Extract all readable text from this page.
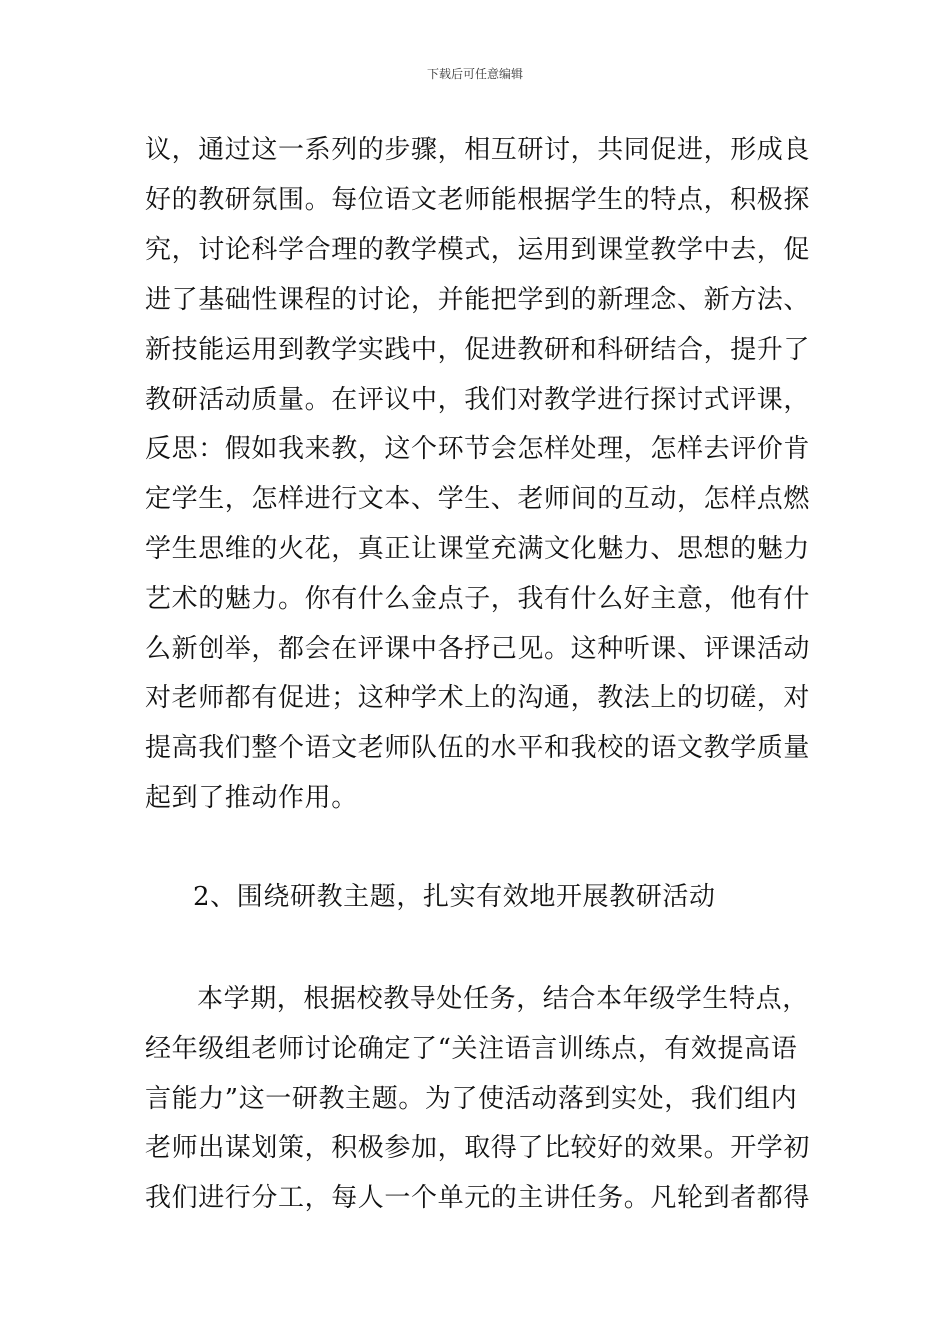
下载后可任意编辑
议，通过这一系列的步骤，相互研讨，共同促进，形成良
好的教研氛围。每位语文老师能根据学生的特点，积极探
究，讨论科学合理的教学模式，运用到课堂教学中去，促
进了基础性课程的讨论，并能把学到的新理念、新方法、
新技能运用到教学实践中，促进教研和科研结合，提升了
教研活动质量。在评议中，我们对教学进行探讨式评课，
反思：假如我来教，这个环节会怎样处理，怎样去评价肯
定学生，怎样进行文本、学生、老师间的互动，怎样点燃
学生思维的火花，真正让课堂充满文化魅力、思想的魅力
艺术的魅力。你有什么金点子，我有什么好主意，他有什
么新创举，都会在评课中各抒己见。这种听课、评课活动
对老师都有促进；这种学术上的沟通，教法上的切磋，对
提高我们整个语文老师队伍的水平和我校的语文教学质量
起到了推动作用。
2、围绕研教主题，扎实有效地开展教研活动
本学期，根据校教导处任务，结合本年级学生特点，
经年级组老师讨论确定了“关注语言训练点，有效提高语
言能力”这一研教主题。为了使活动落到实处，我们组内
老师出谋划策，积极参加，取得了比较好的效果。开学初
我们进行分工，每人一个单元的主讲任务。凡轮到者都得
